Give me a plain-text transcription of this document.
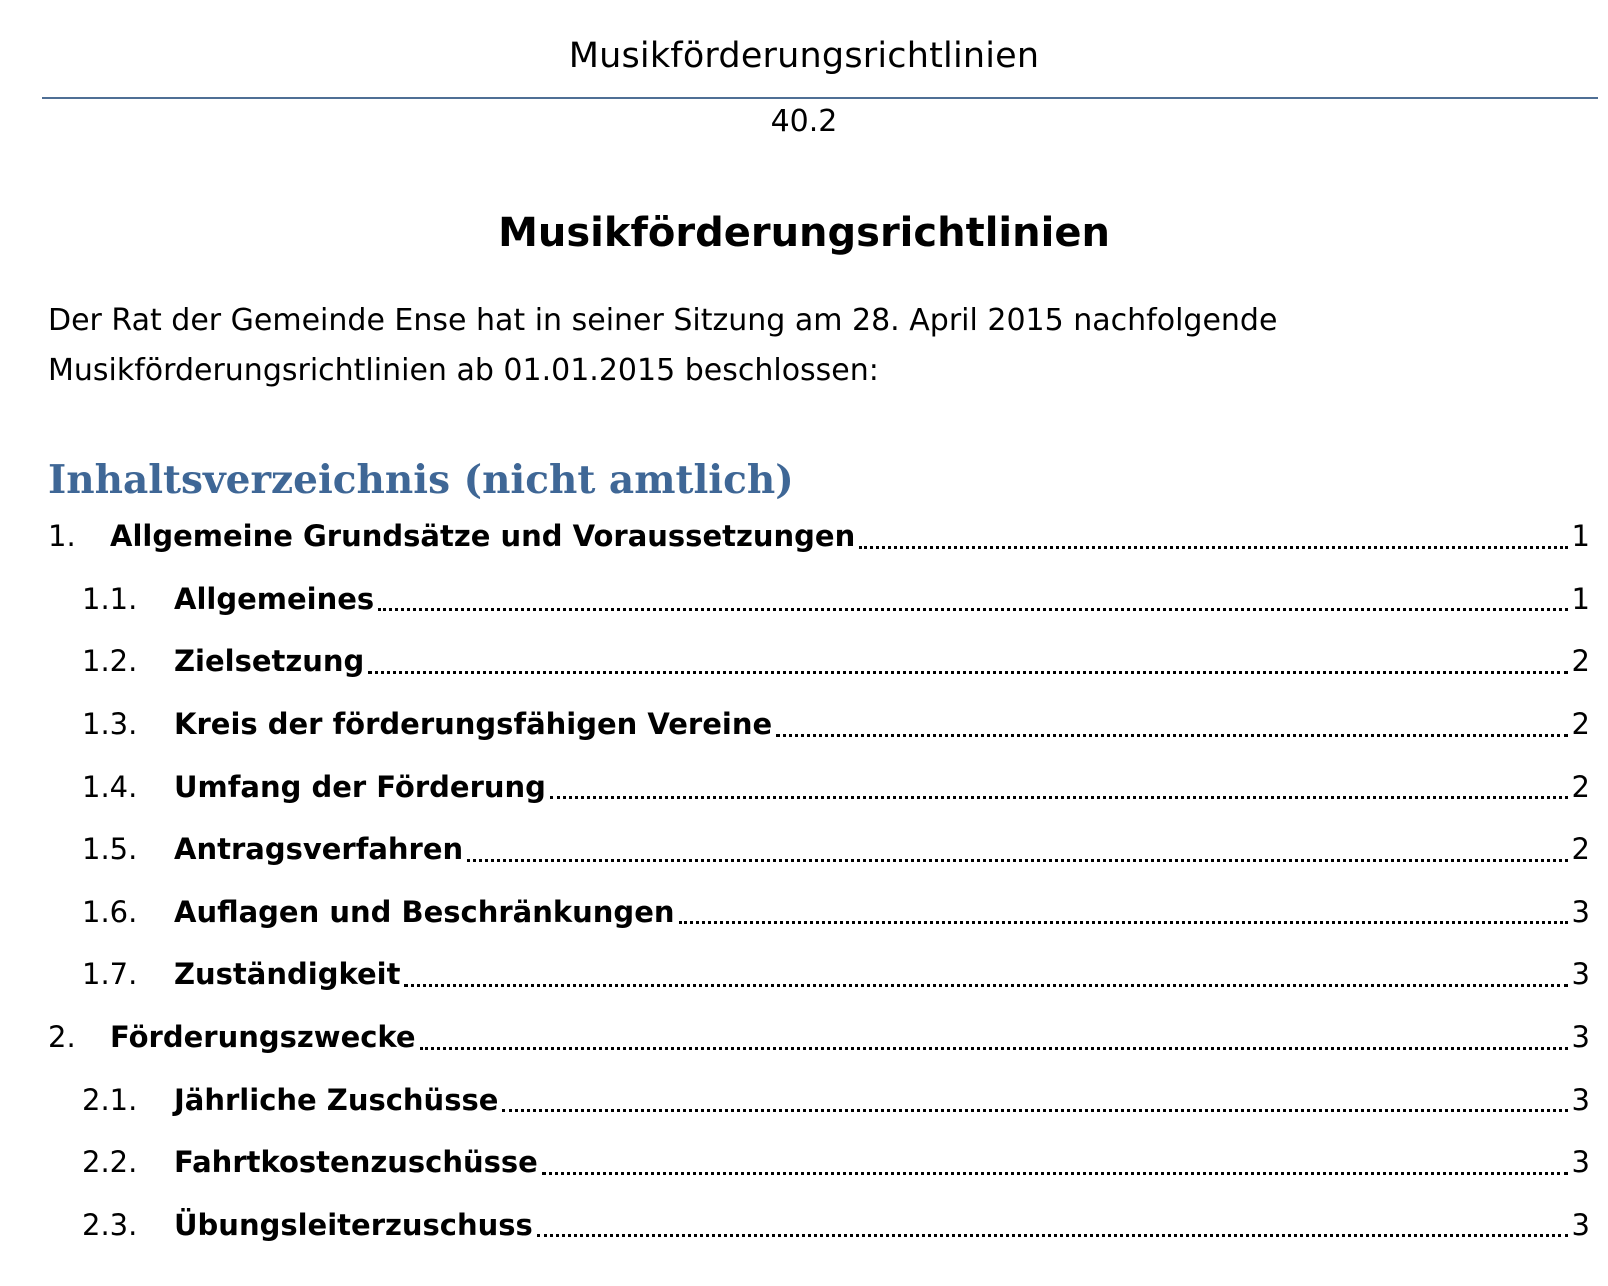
Musikförderungsrichtlinien
40.2
Musikförderungsrichtlinien
Der Rat der Gemeinde Ense hat in seiner Sitzung am 28. April 2015 nachfolgende
Musikförderungsrichtlinien ab 01.01.2015 beschlossen:
Inhaltsverzeichnis (nicht amtlich)
1.	Allgemeine Grundsätze und Voraussetzungen	1
1.1.	Allgemeines	1
1.2.	Zielsetzung	2
1.3.	Kreis der förderungsfähigen Vereine	2
1.4.	Umfang der Förderung	2
1.5.	Antragsverfahren	2
1.6.	Auflagen und Beschränkungen	3
1.7.	Zuständigkeit	3
2.	Förderungszwecke	3
2.1.	Jährliche Zuschüsse	3
2.2.	Fahrtkostenzuschüsse	3
2.3.	Übungsleiterzuschuss	3
